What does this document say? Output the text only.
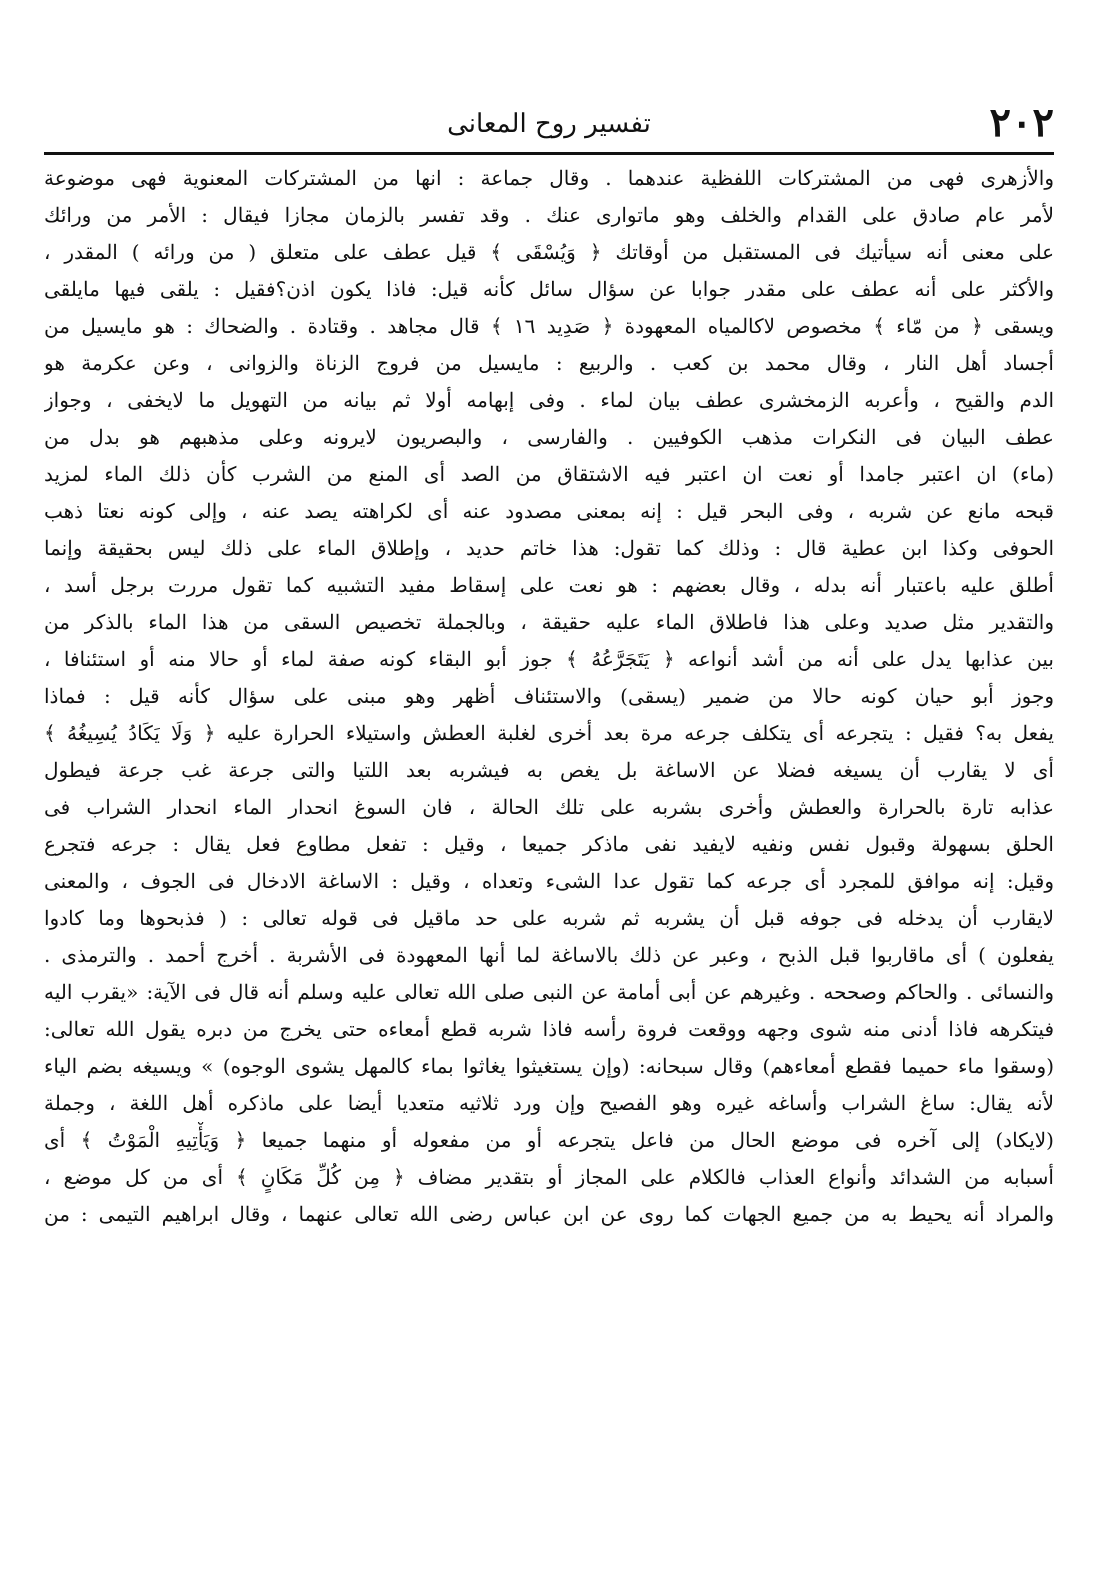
٢٠٢
تفسير روح المعانى
والأزهرى فهى من المشتركات اللفظية عندهما . وقال جماعة : انها من المشتركات المعنوية فهى موضوعة
لأمر عام صادق على القدام والخلف وهو ماتوارى عنك . وقد تفسر بالزمان مجازا فيقال : الأمر من ورائك
على معنى أنه سيأتيك فى المستقبل من أوقاتك ﴿ وَيُسْقَى ﴾ قيل عطف على متعلق ( من ورائه ) المقدر ،
والأكثر على أنه عطف على مقدر جوابا عن سؤال سائل كأنه قيل: فاذا يكون اذن؟فقيل : يلقى فيها مايلقى
ويسقى ﴿ من مّاء ﴾ مخصوص لاكالمياه المعهودة ﴿ صَدِيد ١٦ ﴾ قال مجاهد . وقتادة . والضحاك : هو مايسيل من
أجساد أهل النار ، وقال محمد بن كعب . والربيع : مايسيل من فروج الزناة والزوانى ، وعن عكرمة هو
الدم والقيح ، وأعربه الزمخشرى عطف بيان لماء . وفى إبهامه أولا ثم بيانه من التهويل ما لايخفى ، وجواز
عطف البيان فى النكرات مذهب الكوفيين . والفارسى ، والبصريون لايرونه وعلى مذهبهم هو بدل من
(ماء) ان اعتبر جامدا أو نعت ان اعتبر فيه الاشتقاق من الصد أى المنع من الشرب كأن ذلك الماء لمزيد
قبحه مانع عن شربه ، وفى البحر قيل : إنه بمعنى مصدود عنه أى لكراهته يصد عنه ، وإلى كونه نعتا ذهب
الحوفى وكذا ابن عطية قال : وذلك كما تقول: هذا خاتم حديد ، وإطلاق الماء على ذلك ليس بحقيقة وإنما
أطلق عليه باعتبار أنه بدله ، وقال بعضهم : هو نعت على إسقاط مفيد التشبيه كما تقول مررت برجل أسد ،
والتقدير مثل صديد وعلى هذا فاطلاق الماء عليه حقيقة ، وبالجملة تخصيص السقى من هذا الماء بالذكر من
بين عذابها يدل على أنه من أشد أنواعه ﴿ يَتَجَرَّعُهُ ﴾ جوز أبو البقاء كونه صفة لماء أو حالا منه أو استئنافا ،
وجوز أبو حيان كونه حالا من ضمير (يسقى) والاستئناف أظهر وهو مبنى على سؤال كأنه قيل : فماذا
يفعل به؟ فقيل : يتجرعه أى يتكلف جرعه مرة بعد أخرى لغلبة العطش واستيلاء الحرارة عليه ﴿ وَلَا يَكَادُ يُسِيغُهُ ﴾
أى لا يقارب أن يسيغه فضلا عن الاساغة بل يغص به فيشربه بعد اللتيا والتى جرعة غب جرعة فيطول
عذابه تارة بالحرارة والعطش وأخرى بشربه على تلك الحالة ، فان السوغ انحدار الماء انحدار الشراب فى
الحلق بسهولة وقبول نفس ونفيه لايفيد نفى ماذكر جميعا ، وقيل : تفعل مطاوع فعل يقال : جرعه فتجرع
وقيل: إنه موافق للمجرد أى جرعه كما تقول عدا الشىء وتعداه ، وقيل : الاساغة الادخال فى الجوف ، والمعنى
لايقارب أن يدخله فى جوفه قبل أن يشربه ثم شربه على حد ماقيل فى قوله تعالى : ( فذبحوها وما كادوا
يفعلون ) أى ماقاربوا قبل الذبح ، وعبر عن ذلك بالاساغة لما أنها المعهودة فى الأشربة . أخرج أحمد . والترمذى .
والنسائى . والحاكم وصححه . وغيرهم عن أبى أمامة عن النبى صلى الله تعالى عليه وسلم أنه قال فى الآية: «يقرب اليه
فيتكرهه فاذا أدنى منه شوى وجهه ووقعت فروة رأسه فاذا شربه قطع أمعاءه حتى يخرج من دبره يقول الله تعالى:
(وسقوا ماء حميما فقطع أمعاءهم) وقال سبحانه: (وإن يستغيثوا يغاثوا بماء كالمهل يشوى الوجوه) » ويسيغه بضم الياء
لأنه يقال: ساغ الشراب وأساغه غيره وهو الفصيح وإن ورد ثلاثيه متعديا أيضا على ماذكره أهل اللغة ، وجملة
(لايكاد) إلى آخره فى موضع الحال من فاعل يتجرعه أو من مفعوله أو منهما جميعا ﴿ وَيَأْتِيهِ الْمَوْتُ ﴾ أى
أسبابه من الشدائد وأنواع العذاب فالكلام على المجاز أو بتقدير مضاف ﴿ مِن كُلِّ مَكَانٍ ﴾ أى من كل موضع ،
والمراد أنه يحيط به من جميع الجهات كما روى عن ابن عباس رضى الله تعالى عنهما ، وقال ابراهيم التيمى : من
